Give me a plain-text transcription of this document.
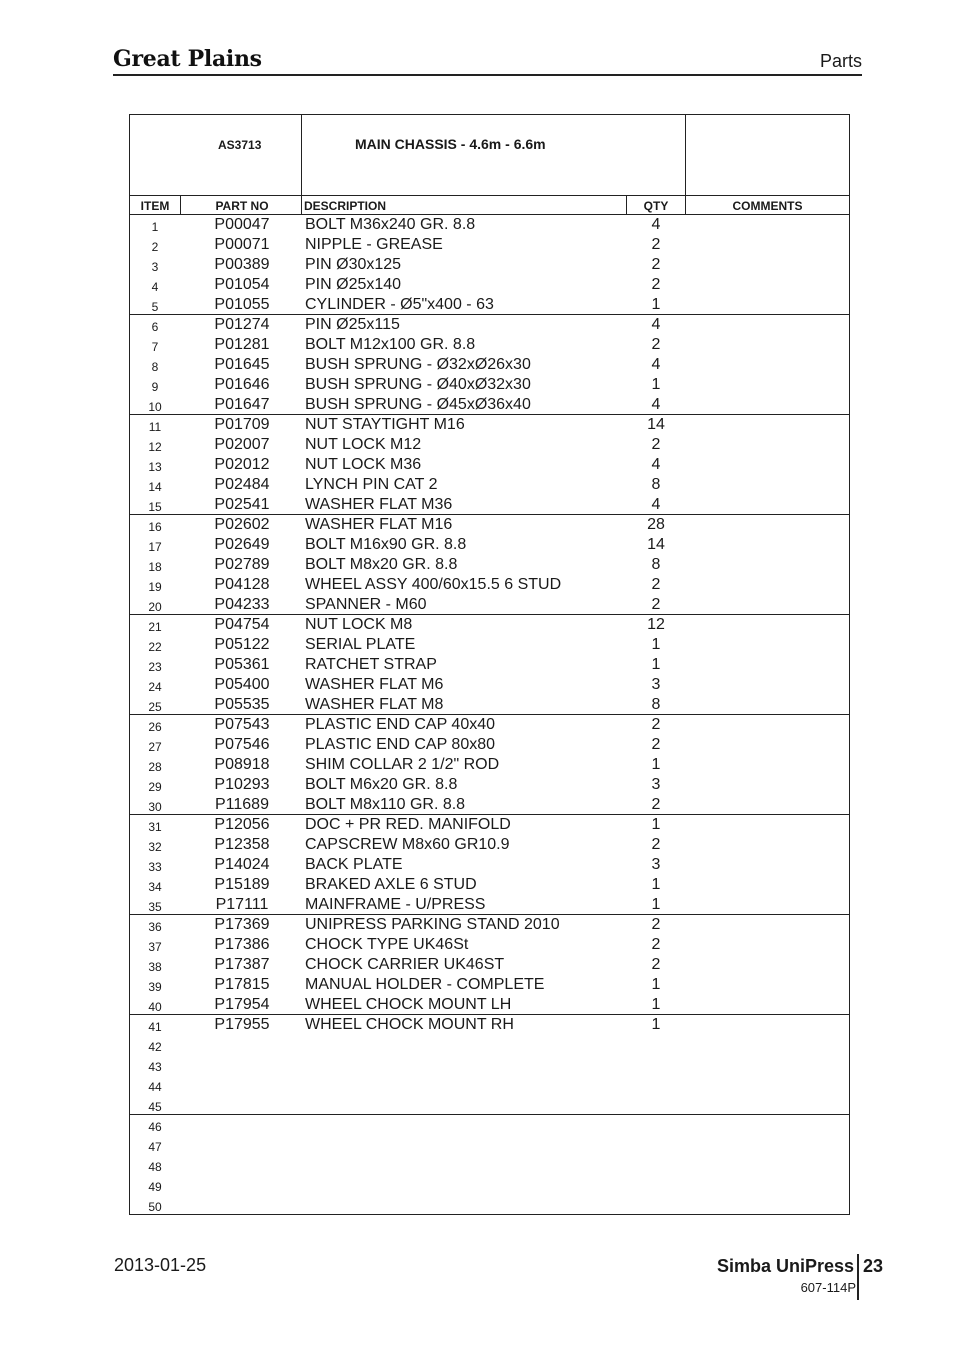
Great Plains	Parts
AS3713	MAIN CHASSIS - 4.6m - 6.6m
ITEM	PART NO	DESCRIPTION	QTY	COMMENTS
1	P00047	BOLT M36x240 GR. 8.8	4
2	P00071	NIPPLE - GREASE	2
3	P00389	PIN Ø30x125	2
4	P01054	PIN Ø25x140	2
5	P01055	CYLINDER - Ø5"x400 - 63	1
6	P01274	PIN Ø25x115	4
7	P01281	BOLT M12x100 GR. 8.8	2
8	P01645	BUSH SPRUNG - Ø32xØ26x30	4
9	P01646	BUSH SPRUNG - Ø40xØ32x30	1
10	P01647	BUSH SPRUNG - Ø45xØ36x40	4
11	P01709	NUT STAYTIGHT M16	14
12	P02007	NUT LOCK M12	2
13	P02012	NUT LOCK M36	4
14	P02484	LYNCH PIN CAT 2	8
15	P02541	WASHER FLAT M36	4
16	P02602	WASHER FLAT M16	28
17	P02649	BOLT M16x90 GR. 8.8	14
18	P02789	BOLT M8x20 GR. 8.8	8
19	P04128	WHEEL ASSY 400/60x15.5 6 STUD	2
20	P04233	SPANNER - M60	2
21	P04754	NUT LOCK M8	12
22	P05122	SERIAL PLATE	1
23	P05361	RATCHET STRAP	1
24	P05400	WASHER FLAT M6	3
25	P05535	WASHER FLAT M8	8
26	P07543	PLASTIC END CAP 40x40	2
27	P07546	PLASTIC END CAP 80x80	2
28	P08918	SHIM COLLAR 2 1/2" ROD	1
29	P10293	BOLT M6x20 GR. 8.8	3
30	P11689	BOLT M8x110 GR. 8.8	2
31	P12056	DOC + PR RED. MANIFOLD	1
32	P12358	CAPSCREW M8x60 GR10.9	2
33	P14024	BACK PLATE	3
34	P15189	BRAKED AXLE 6 STUD	1
35	P17111	MAINFRAME - U/PRESS	1
36	P17369	UNIPRESS PARKING STAND 2010	2
37	P17386	CHOCK TYPE UK46St	2
38	P17387	CHOCK CARRIER UK46ST	2
39	P17815	MANUAL HOLDER - COMPLETE	1
40	P17954	WHEEL CHOCK MOUNT LH	1
41	P17955	WHEEL CHOCK MOUNT RH	1
42
43
44
45
46
47
48
49
50
2013-01-25	Simba UniPress 23
607-114P
